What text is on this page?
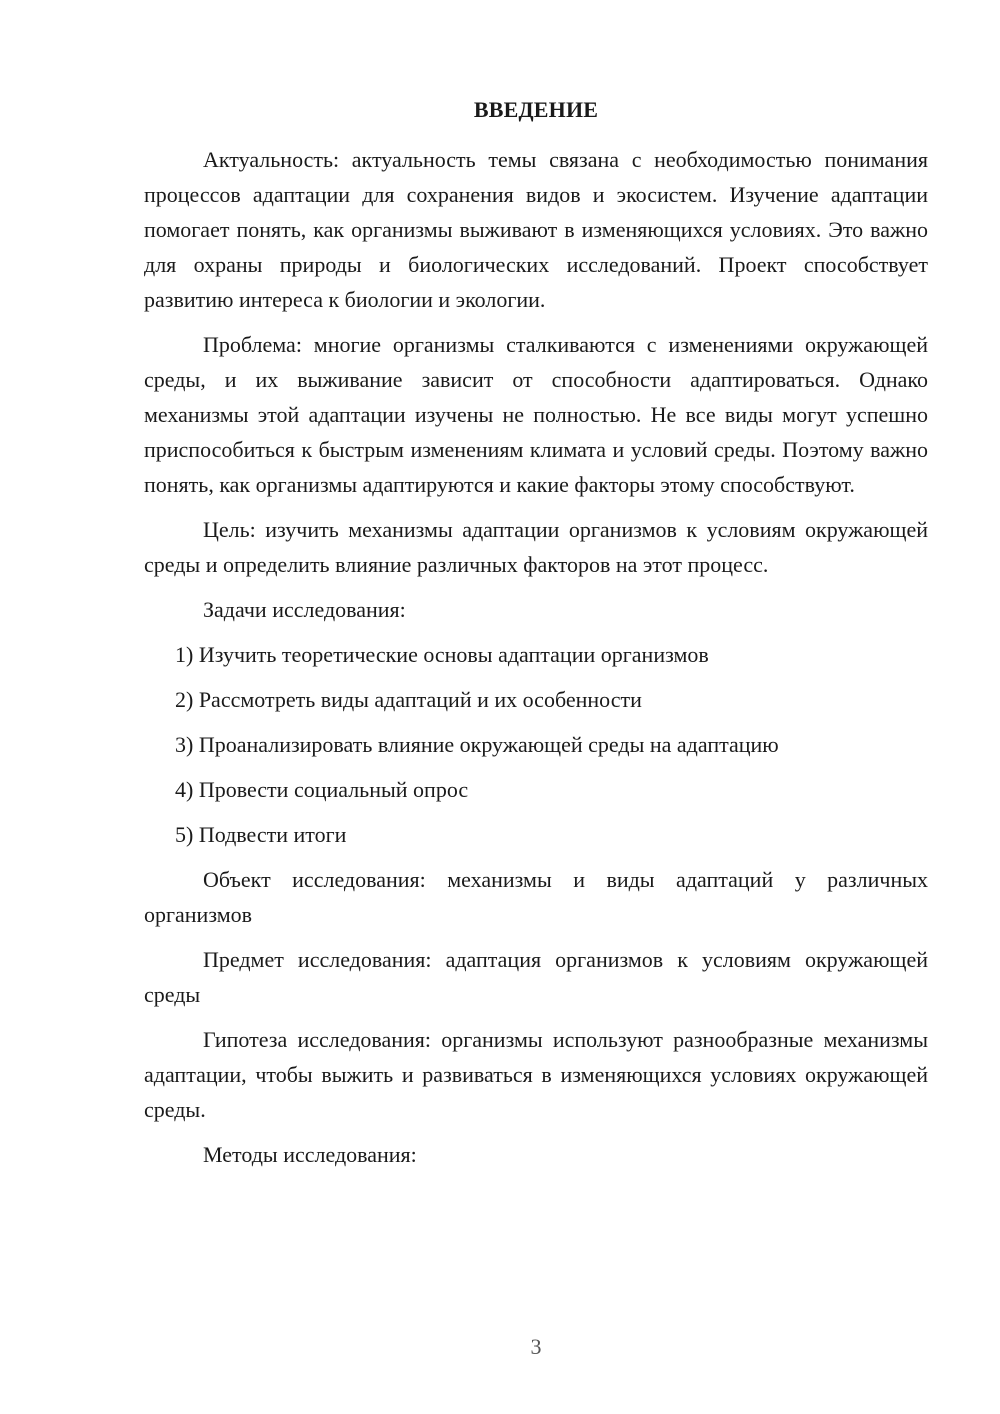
ВВЕДЕНИЕ

Актуальность: актуальность темы связана с необходимостью понимания процессов адаптации для сохранения видов и экосистем. Изучение адаптации помогает понять, как организмы выживают в изменяющихся условиях. Это важно для охраны природы и биологических исследований. Проект способствует развитию интереса к биологии и экологии.

Проблема: многие организмы сталкиваются с изменениями окружающей среды, и их выживание зависит от способности адаптироваться. Однако механизмы этой адаптации изучены не полностью. Не все виды могут успешно приспособиться к быстрым изменениям климата и условий среды. Поэтому важно понять, как организмы адаптируются и какие факторы этому способствуют.

Цель: изучить механизмы адаптации организмов к условиям окружающей среды и определить влияние различных факторов на этот процесс.

Задачи исследования:

1) Изучить теоретические основы адаптации организмов
2) Рассмотреть виды адаптаций и их особенности
3) Проанализировать влияние окружающей среды на адаптацию
4) Провести социальный опрос
5) Подвести итоги

Объект исследования: механизмы и виды адаптаций у различных организмов

Предмет исследования: адаптация организмов к условиям окружающей среды

Гипотеза исследования: организмы используют разнообразные механизмы адаптации, чтобы выжить и развиваться в изменяющихся условиях окружающей среды.

Методы исследования:

3
